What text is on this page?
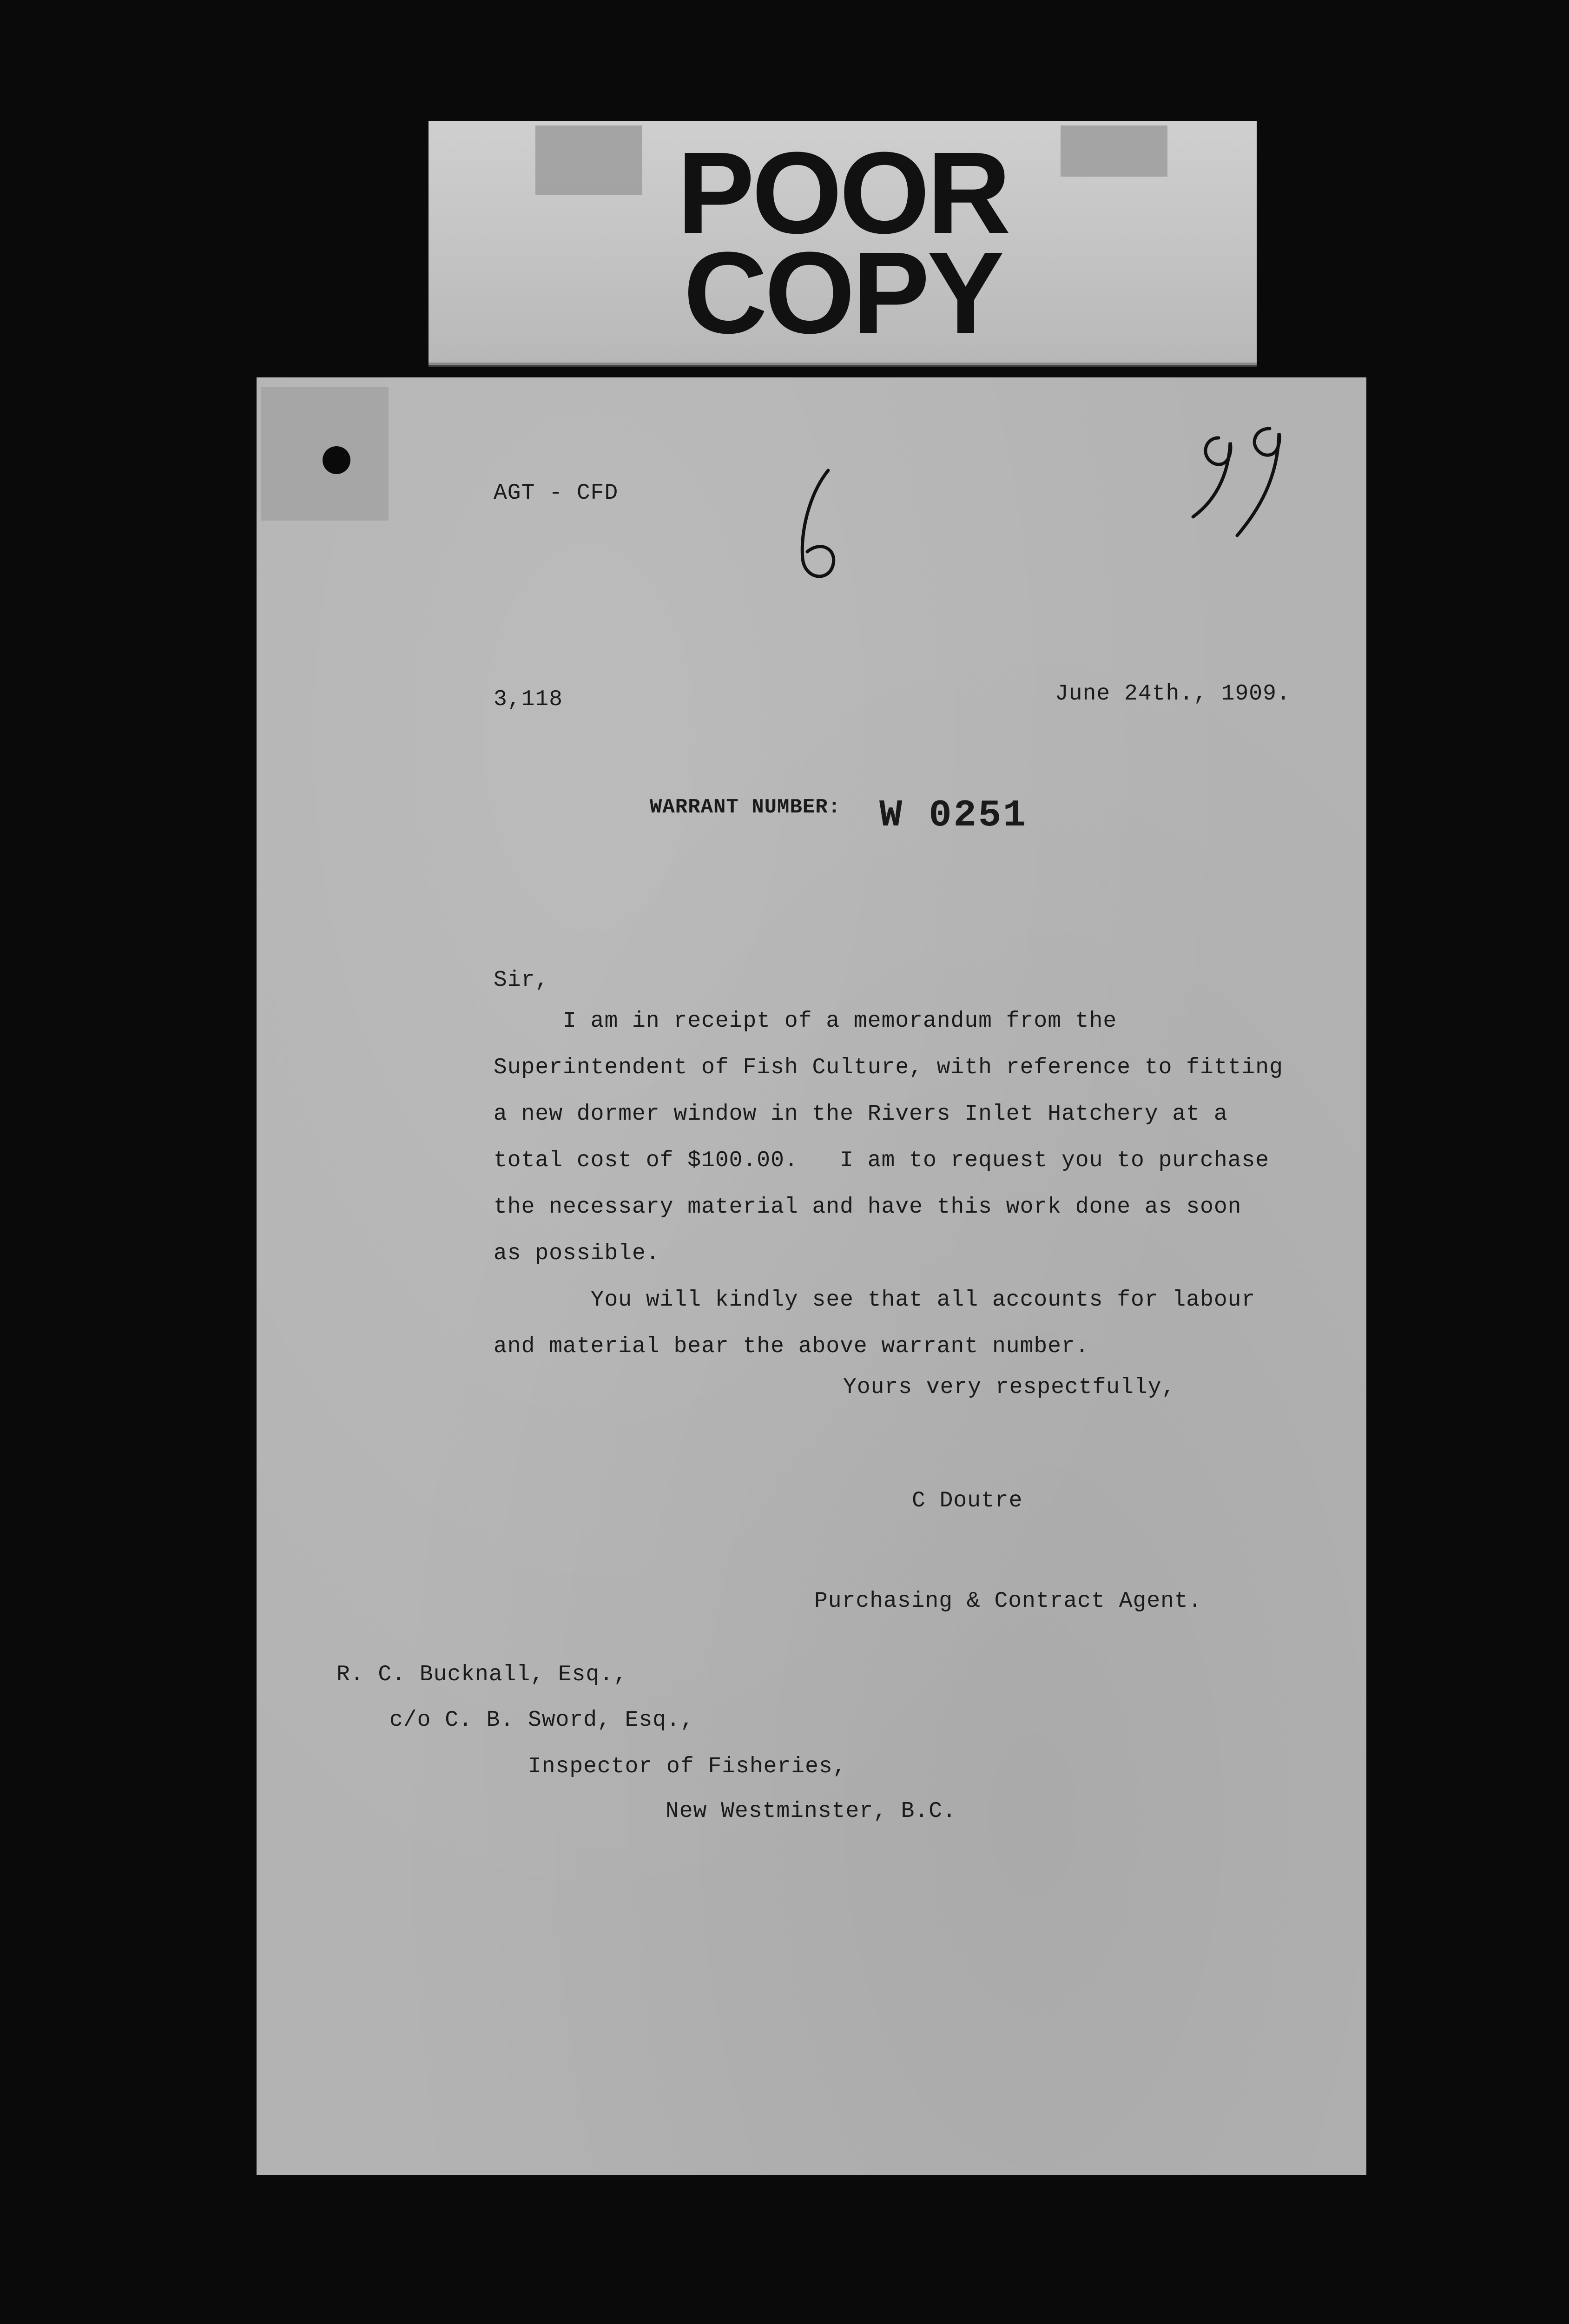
POOR
COPY
AGT - CFD
3,118	June 24th., 1909.
WARRANT NUMBER: W 0251
Sir,
I am in receipt of a memorandum from the
Superintendent of Fish Culture, with reference to fitting
a new dormer window in the Rivers Inlet Hatchery at a
total cost of $100.00.   I am to request you to purchase
the necessary material and have this work done as soon
as possible.
You will kindly see that all accounts for labour
and material bear the above warrant number.
Yours very respectfully,
C Doutre
Purchasing & Contract Agent.
R. C. Bucknall, Esq.,
c/o C. B. Sword, Esq.,
Inspector of Fisheries,
New Westminster, B.C.
